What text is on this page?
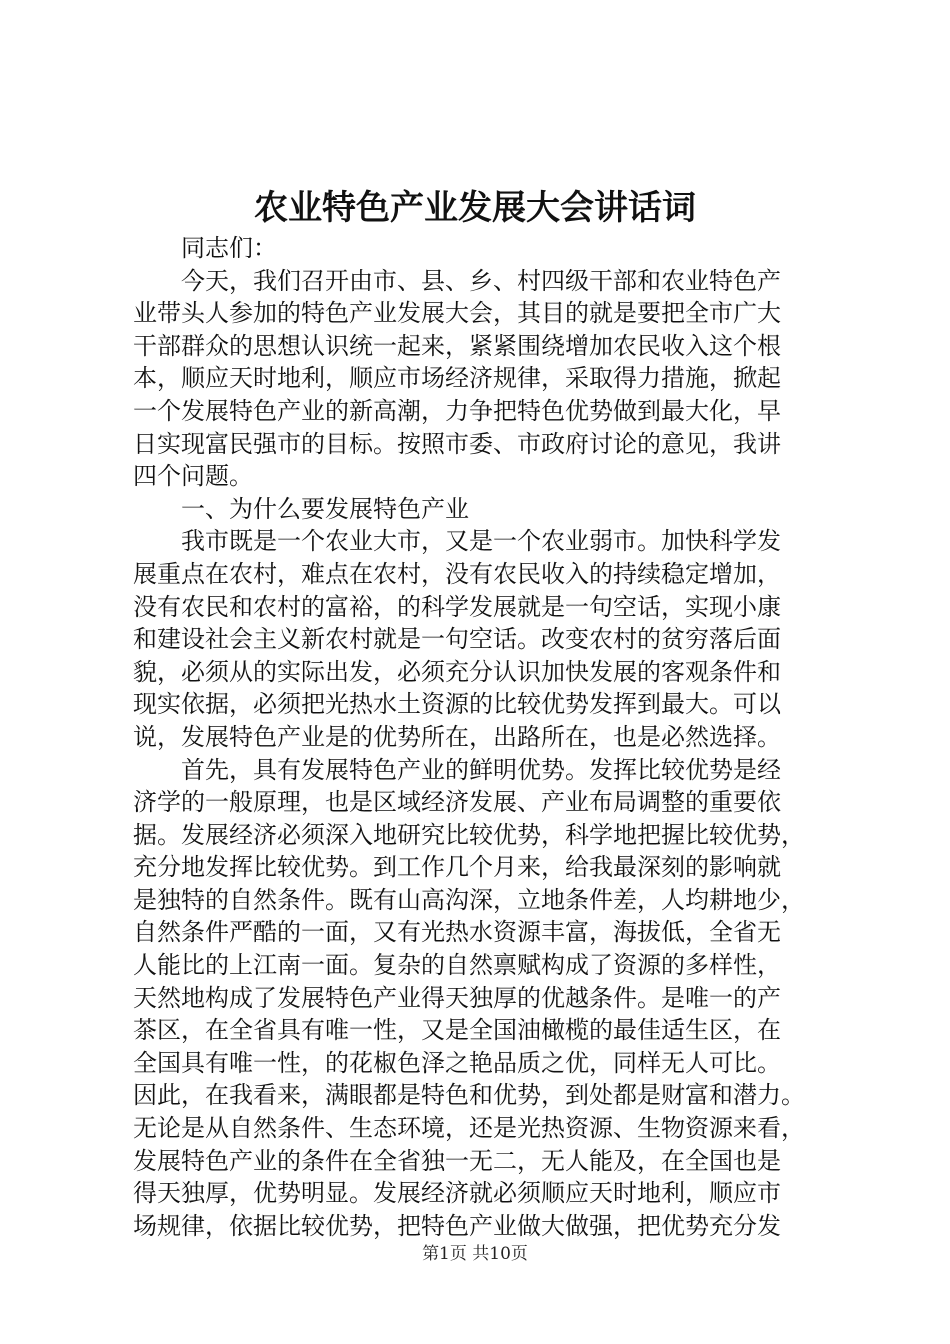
农业特色产业发展大会讲话词
同志们：
今天，我们召开由市、县、乡、村四级干部和农业特色产
业带头人参加的特色产业发展大会，其目的就是要把全市广大
干部群众的思想认识统一起来，紧紧围绕增加农民收入这个根
本，顺应天时地利，顺应市场经济规律，采取得力措施，掀起
一个发展特色产业的新高潮，力争把特色优势做到最大化，早
日实现富民强市的目标。按照市委、市政府讨论的意见，我讲
四个问题。
一、为什么要发展特色产业
我市既是一个农业大市，又是一个农业弱市。加快科学发
展重点在农村，难点在农村，没有农民收入的持续稳定增加，
没有农民和农村的富裕，的科学发展就是一句空话，实现小康
和建设社会主义新农村就是一句空话。改变农村的贫穷落后面
貌，必须从的实际出发，必须充分认识加快发展的客观条件和
现实依据，必须把光热水土资源的比较优势发挥到最大。可以
说，发展特色产业是的优势所在，出路所在，也是必然选择。
首先，具有发展特色产业的鲜明优势。发挥比较优势是经
济学的一般原理，也是区域经济发展、产业布局调整的重要依
据。发展经济必须深入地研究比较优势，科学地把握比较优势，
充分地发挥比较优势。到工作几个月来，给我最深刻的影响就
是独特的自然条件。既有山高沟深，立地条件差，人均耕地少，
自然条件严酷的一面，又有光热水资源丰富，海拔低，全省无
人能比的上江南一面。复杂的自然禀赋构成了资源的多样性，
天然地构成了发展特色产业得天独厚的优越条件。是唯一的产
茶区，在全省具有唯一性，又是全国油橄榄的最佳适生区，在
全国具有唯一性，的花椒色泽之艳品质之优，同样无人可比。
因此，在我看来，满眼都是特色和优势，到处都是财富和潜力。
无论是从自然条件、生态环境，还是光热资源、生物资源来看，
发展特色产业的条件在全省独一无二，无人能及，在全国也是
得天独厚，优势明显。发展经济就必须顺应天时地利，顺应市
场规律，依据比较优势，把特色产业做大做强，把优势充分发
第1页 共10页
